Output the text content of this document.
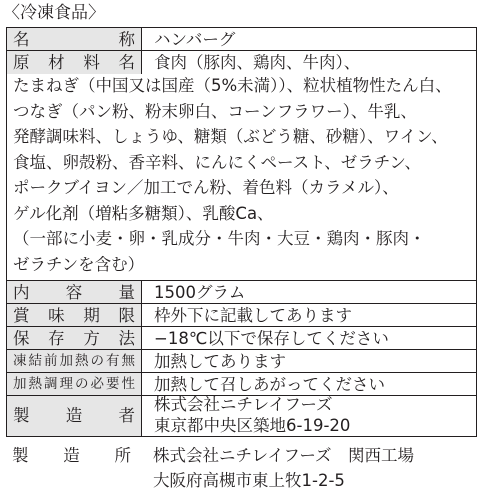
〈冷凍食品〉
名称 ハンバーグ
原材料名 食肉（豚肉、鶏肉、牛肉）、
たまねぎ（中国又は国産（5%未満））、粒状植物性たん白、
つなぎ（パン粉、粉末卵白、コーンフラワー）、牛乳、
発酵調味料、しょうゆ、糖類（ぶどう糖、砂糖）、ワイン、
食塩、卵殻粉、香辛料、にんにくペースト、ゼラチン、
ポークブイヨン／加工でん粉、着色料（カラメル）、
ゲル化剤（増粘多糖類）、乳酸Ca、
（一部に小麦・卵・乳成分・牛肉・大豆・鶏肉・豚肉・
ゼラチンを含む）
内容量 1500グラム
賞味期限 枠外下に記載してあります
保存方法 −18℃以下で保存してください
凍結前加熱の有無 加熱してあります
加熱調理の必要性 加熱して召しあがってください
製造者
株式会社ニチレイフーズ
東京都中央区築地6-19-20
製造所 株式会社ニチレイフーズ　関西工場
大阪府高槻市東上牧1-2-5
